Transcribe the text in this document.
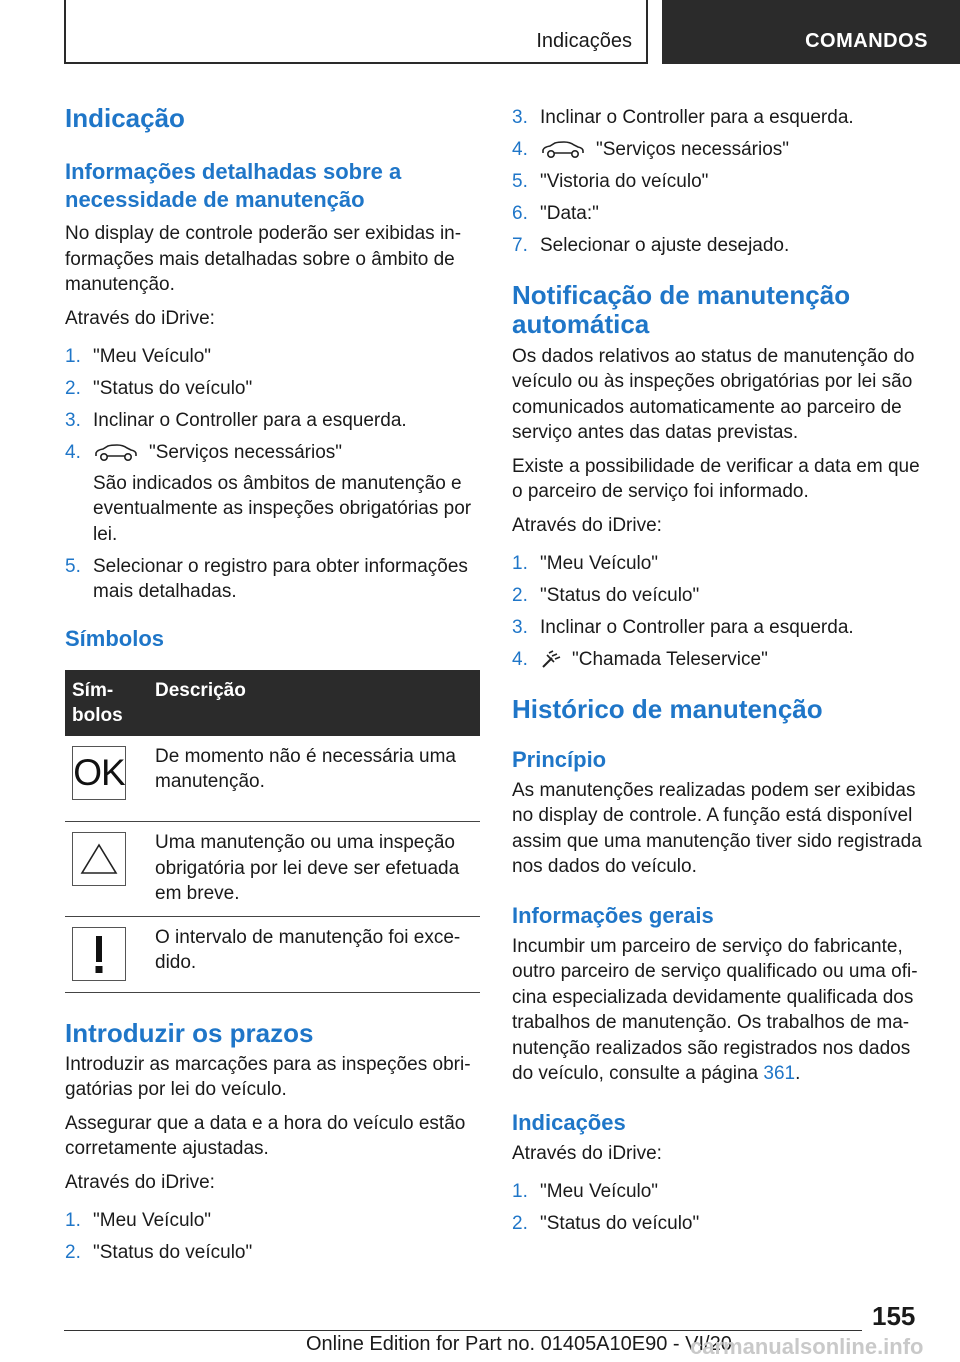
Indicações	COMANDOS
Indicação
Informações detalhadas sobre a necessidade de manutenção

No display de controle poderão ser exibidas in-formações mais detalhadas sobre o âmbito de manutenção.

Através do iDrive:

1. "Meu Veículo"
2. "Status do veículo"
3. Inclinar o Controller para a esquerda.
4.	"Serviços necessários"
São indicados os âmbitos de manutenção e eventualmente as inspeções obrigatórias por lei.
5. Selecionar o registro para obter informações mais detalhadas.
Símbolos
Sím-bolos	Descrição

OK	De momento não é necessária uma manutenção.

	Uma manutenção ou uma inspeção obrigatória por lei deve ser efetuada em breve.

	O intervalo de manutenção foi exce-dido.
Introduzir os prazos

Introduzir as marcações para as inspeções obri-gatórias por lei do veículo.

Assegurar que a data e a hora do veículo estão corretamente ajustadas.

Através do iDrive:

1. "Meu Veículo"
2. "Status do veículo"
3. Inclinar o Controller para a esquerda.
4.	"Serviços necessários"
5. "Vistoria do veículo"
6. "Data:"
7. Selecionar o ajuste desejado.
Notificação de manutenção automática

Os dados relativos ao status de manutenção do veículo ou às inspeções obrigatórias por lei são comunicados automaticamente ao parceiro de serviço antes das datas previstas.

Existe a possibilidade de verificar a data em que o parceiro de serviço foi informado.

Através do iDrive:

1. "Meu Veículo"
2. "Status do veículo"
3. Inclinar o Controller para a esquerda.
4. "Chamada Teleservice"
Histórico de manutenção
Princípio

As manutenções realizadas podem ser exibidas no display de controle. A função está disponível assim que uma manutenção tiver sido registrada nos dados do veículo.

Informações gerais

Incumbir um parceiro de serviço do fabricante, outro parceiro de serviço qualificado ou uma ofi-cina especializada devidamente qualificada dos trabalhos de manutenção. Os trabalhos de ma-nutenção realizados são registrados nos dados do veículo, consulte a página 361.

Indicações

Através do iDrive:

1. "Meu Veículo"
2. "Status do veículo"
155
Online Edition for Part no. 01405A10E90 - VI/20
carmanualsonline.info
